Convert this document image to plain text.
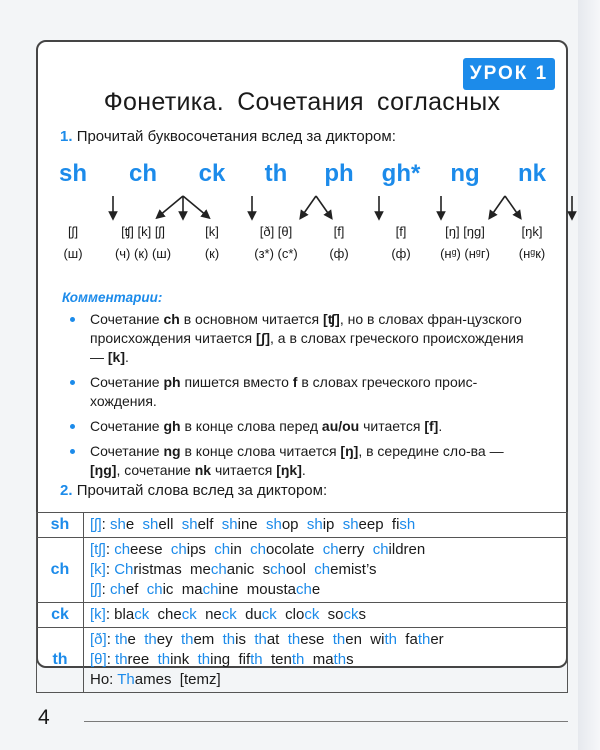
УРОК 1
Фонетика. Сочетания согласных
1. Прочитай буквосочетания вслед за диктором:
sh
[ʃ]
(ш)
ch
[ʧ] [k] [ʃ]
(ч) (к) (ш)
ck
[k]
(к)
th
[ð] [θ]
(з*) (с*)
ph
[f]
(ф)
gh*
[f]
(ф)
ng
[ŋ] [ŋg]
(нᵍ) (нᵍг)
nk
[ŋk]
(нᵍк)
Комментарии:
Сочетание ch в основном читается [ʧ], но в словах фран-цузского происхождения читается [ʃ], а в словах греческого происхождения — [k].
Сочетание ph пишется вместо f в словах греческого проис-хождения.
Сочетание gh в конце слова перед au/ou читается [f].
Сочетание ng в конце слова читается [ŋ], в середине сло-ва — [ŋg], сочетание nk читается [ŋk].
2. Прочитай слова вслед за диктором:
sh	[ʃ]: she  shell  shelf  shine  shop  ship  sheep  fish

ch	[tʃ]: cheese  chips  chin  chocolate  cherry  children
[k]: Christmas  mechanic  school  chemist’s
[ʃ]: chef  chic  machine  moustache

ck	[k]: black  check  neck  duck  clock  socks

th	[ð]: the  they  them  this  that  these  then  with  father
[θ]: three  think  thing  fifth  tenth  maths
Ho: Thames  [temz]
4
